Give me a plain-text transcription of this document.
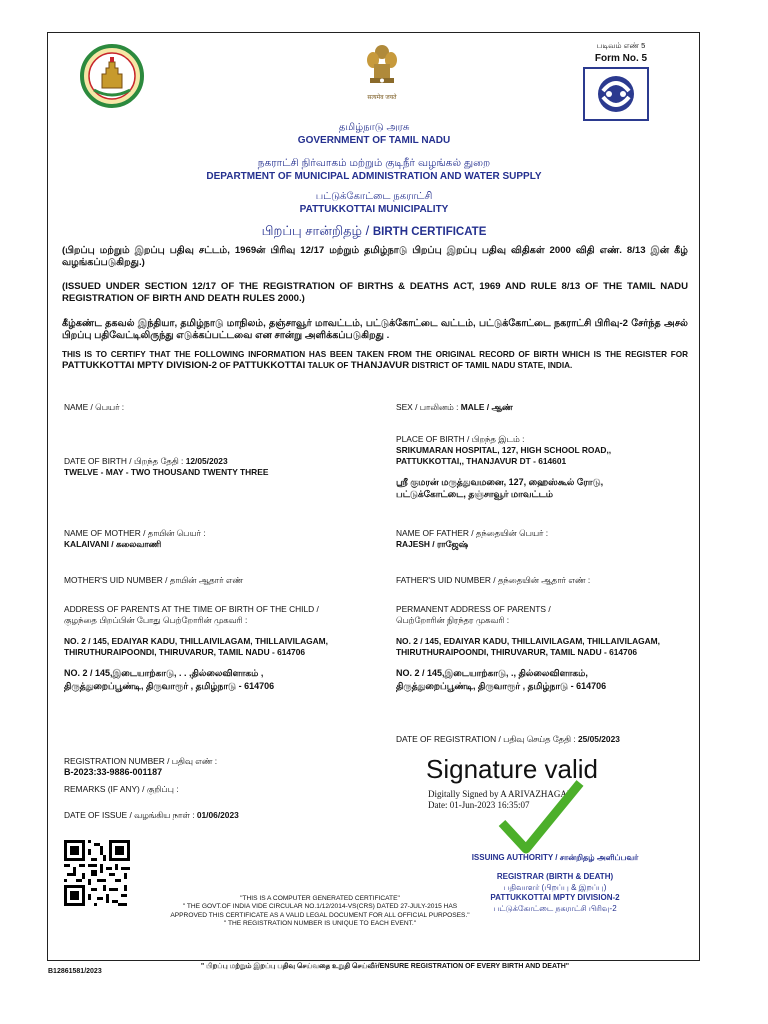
सत्यमेव जयते
படிவம் எண் 5
Form No. 5
தமிழ்நாடு அரசு
GOVERNMENT OF TAMIL NADU
நகராட்சி நிர்வாகம் மற்றும் குடிநீர் வழங்கல் துறை
DEPARTMENT OF MUNICIPAL ADMINISTRATION AND WATER SUPPLY
பட்டுக்கோட்டை நகராட்சி
PATTUKKOTTAI MUNICIPALITY
பிறப்பு சான்றிதழ் / BIRTH CERTIFICATE
(பிறப்பு மற்றும் இறப்பு பதிவு சட்டம், 1969ன் பிரிவு 12/17 மற்றும் தமிழ்நாடு பிறப்பு இறப்பு பதிவு விதிகள் 2000 விதி எண். 8/13 இன் கீழ் வழங்கப்படுகிறது.)
(ISSUED UNDER SECTION 12/17 OF THE REGISTRATION OF BIRTHS & DEATHS ACT, 1969 AND RULE 8/13 OF THE TAMIL NADU REGISTRATION OF BIRTH AND DEATH RULES 2000.)
கீழ்கண்ட தகவல் இந்தியா, தமிழ்நாடு மாநிலம், தஞ்சாவூர் மாவட்டம், பட்டுக்கோட்டை வட்டம், பட்டுக்கோட்டை நகராட்சி பிரிவு-2 சேர்ந்த அசல் பிறப்பு பதிவேட்டிலிருந்து எடுக்கப்பட்டவை என சான்று அளிக்கப்படுகிறது .
THIS IS TO CERTIFY THAT THE FOLLOWING INFORMATION HAS BEEN TAKEN FROM THE ORIGINAL RECORD OF BIRTH WHICH IS THE REGISTER FOR PATTUKKOTTAI MPTY DIVISION-2 OF PATTUKKOTTAI TALUK OF THANJAVUR DISTRICT OF TAMIL NADU STATE, INDIA.
NAME / பெயர் :
DATE OF BIRTH / பிறந்த தேதி : 12/05/2023
TWELVE - MAY - TWO THOUSAND TWENTY THREE
NAME OF MOTHER / தாயின் பெயர் :
KALAIVANI / கலைவாணி
MOTHER'S UID NUMBER / தாயின் ஆதார் எண்
ADDRESS OF PARENTS AT THE TIME OF BIRTH OF THE CHILD /
குழந்தை பிறப்பின் போது பெற்றோரின் முகவரி :
NO. 2 / 145, EDAIYAR KADU, THILLAIVILAGAM, THILLAIVILAGAM,
THIRUTHURAIPOONDI, THIRUVARUR, TAMIL NADU - 614706
NO. 2 / 145,இடையாற்காடு, . . ,தில்லைவிளாகம் ,
திருத்துறைப்பூண்டி, திருவாரூர் , தமிழ்நாடு - 614706
SEX / பாலினம் : MALE / ஆண்
PLACE OF BIRTH / பிறந்த இடம் :
SRIKUMARAN HOSPITAL, 127, HIGH SCHOOL ROAD,,
PATTUKKOTTAI,, THANJAVUR DT - 614601
ஸ்ரீ குமரன் மருத்துவமனை, 127, ஹைஸ்கூல் ரோடு,
பட்டுக்கோட்டை, தஞ்சாவூர் மாவட்டம்
NAME OF FATHER / தந்தையின் பெயர் :
RAJESH / ராஜேஷ்
FATHER'S UID NUMBER / தந்தையின் ஆதார் எண் :
PERMANENT ADDRESS OF PARENTS /
பெற்றோரின் நிரந்தர முகவரி :
NO. 2 / 145, EDAIYAR KADU, THILLAIVILAGAM, THILLAIVILAGAM,
THIRUTHURAIPOONDI, THIRUVARUR, TAMIL NADU - 614706
NO. 2 / 145,இடையாற்காடு, ., தில்லைவிளாகம்,
திருத்துறைப்பூண்டி, திருவாரூர் , தமிழ்நாடு - 614706
DATE OF REGISTRATION / பதிவு செய்த தேதி : 25/05/2023
REGISTRATION NUMBER / பதிவு எண் :
B-2023:33-9886-001187
REMARKS (IF ANY) / குறிப்பு :
DATE OF ISSUE / வழங்கிய நாள் : 01/06/2023
Signature valid
Digitally Signed by A ARIVAZHAGAN
Date: 01-Jun-2023 16:35:07
ISSUING AUTHORITY / சான்றிதழ் அளிப்பவர்
REGISTRAR (BIRTH & DEATH)
பதிவாளர் (பிறப்பு & இறப்பு)
PATTUKKOTTAI MPTY DIVISION-2
பட்டுக்கோட்டை நகராட்சி பிரிவு-2
"THIS IS A COMPUTER GENERATED CERTIFICATE"
" THE GOVT.OF INDIA VIDE CIRCULAR NO.1/12/2014-VS(CRS) DATED 27-JULY-2015 HAS
APPROVED THIS CERTIFICATE AS A VALID LEGAL DOCUMENT FOR ALL OFFICIAL PURPOSES."
" THE REGISTRATION NUMBER IS UNIQUE TO EACH EVENT."
" பிறப்பு மற்றும் இறப்பு பதிவு செய்வதை உறுதி செய்வீர்/ENSURE REGISTRATION OF EVERY BIRTH AND DEATH"
B12861581/2023
